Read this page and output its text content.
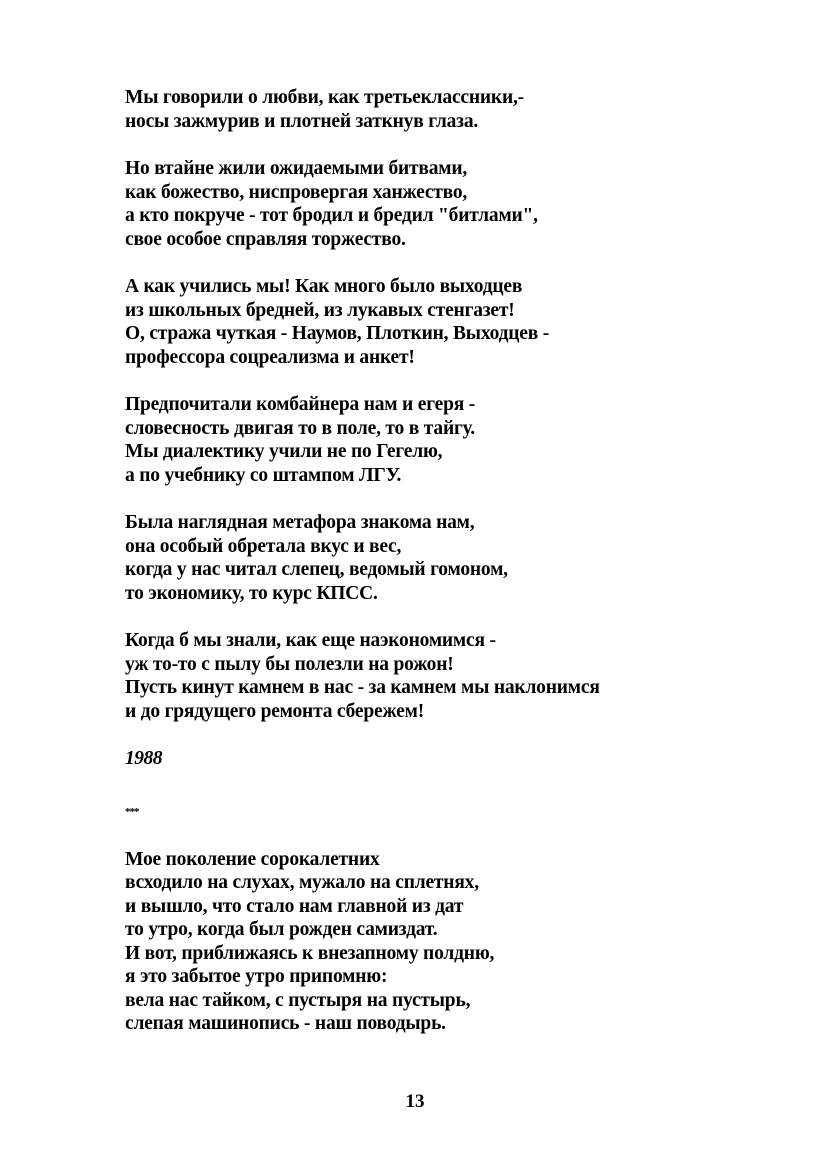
Мы говорили о любви, как третьеклассники,-
носы зажмурив и плотней заткнув глаза.
Но втайне жили ожидаемыми битвами,
как божество, ниспровергая ханжество,
а кто покруче - тот бродил и бредил "битлами",
свое особое справляя торжество.
А как учились мы! Как много было выходцев
из школьных бредней, из лукавых стенгазет!
О, стража чуткая - Наумов, Плоткин, Выходцев -
профессора соцреализма и анкет!
Предпочитали комбайнера нам и егеря -
словесность двигая то в поле, то в тайгу.
Мы диалектику учили не по Гегелю,
а по учебнику со штампом ЛГУ.
Была наглядная метафора знакома нам,
она особый обретала вкус и вес,
когда у нас читал слепец, ведомый гомоном,
то экономику, то курс КПСС.
Когда б мы знали, как еще наэкономимся -
уж то-то с пылу бы полезли на рожон!
Пусть кинут камнем в нас - за камнем мы наклонимся
и до грядущего ремонта сбережем!
1988
***
Мое поколение сорокалетних
всходило на слухах, мужало на сплетнях,
и вышло, что стало нам главной из дат
то утро, когда был рожден самиздат.
И вот, приближаясь к внезапному полдню,
я это забытое утро припомню:
вела нас тайком, с пустыря на пустырь,
слепая машинопись - наш поводырь.
13
